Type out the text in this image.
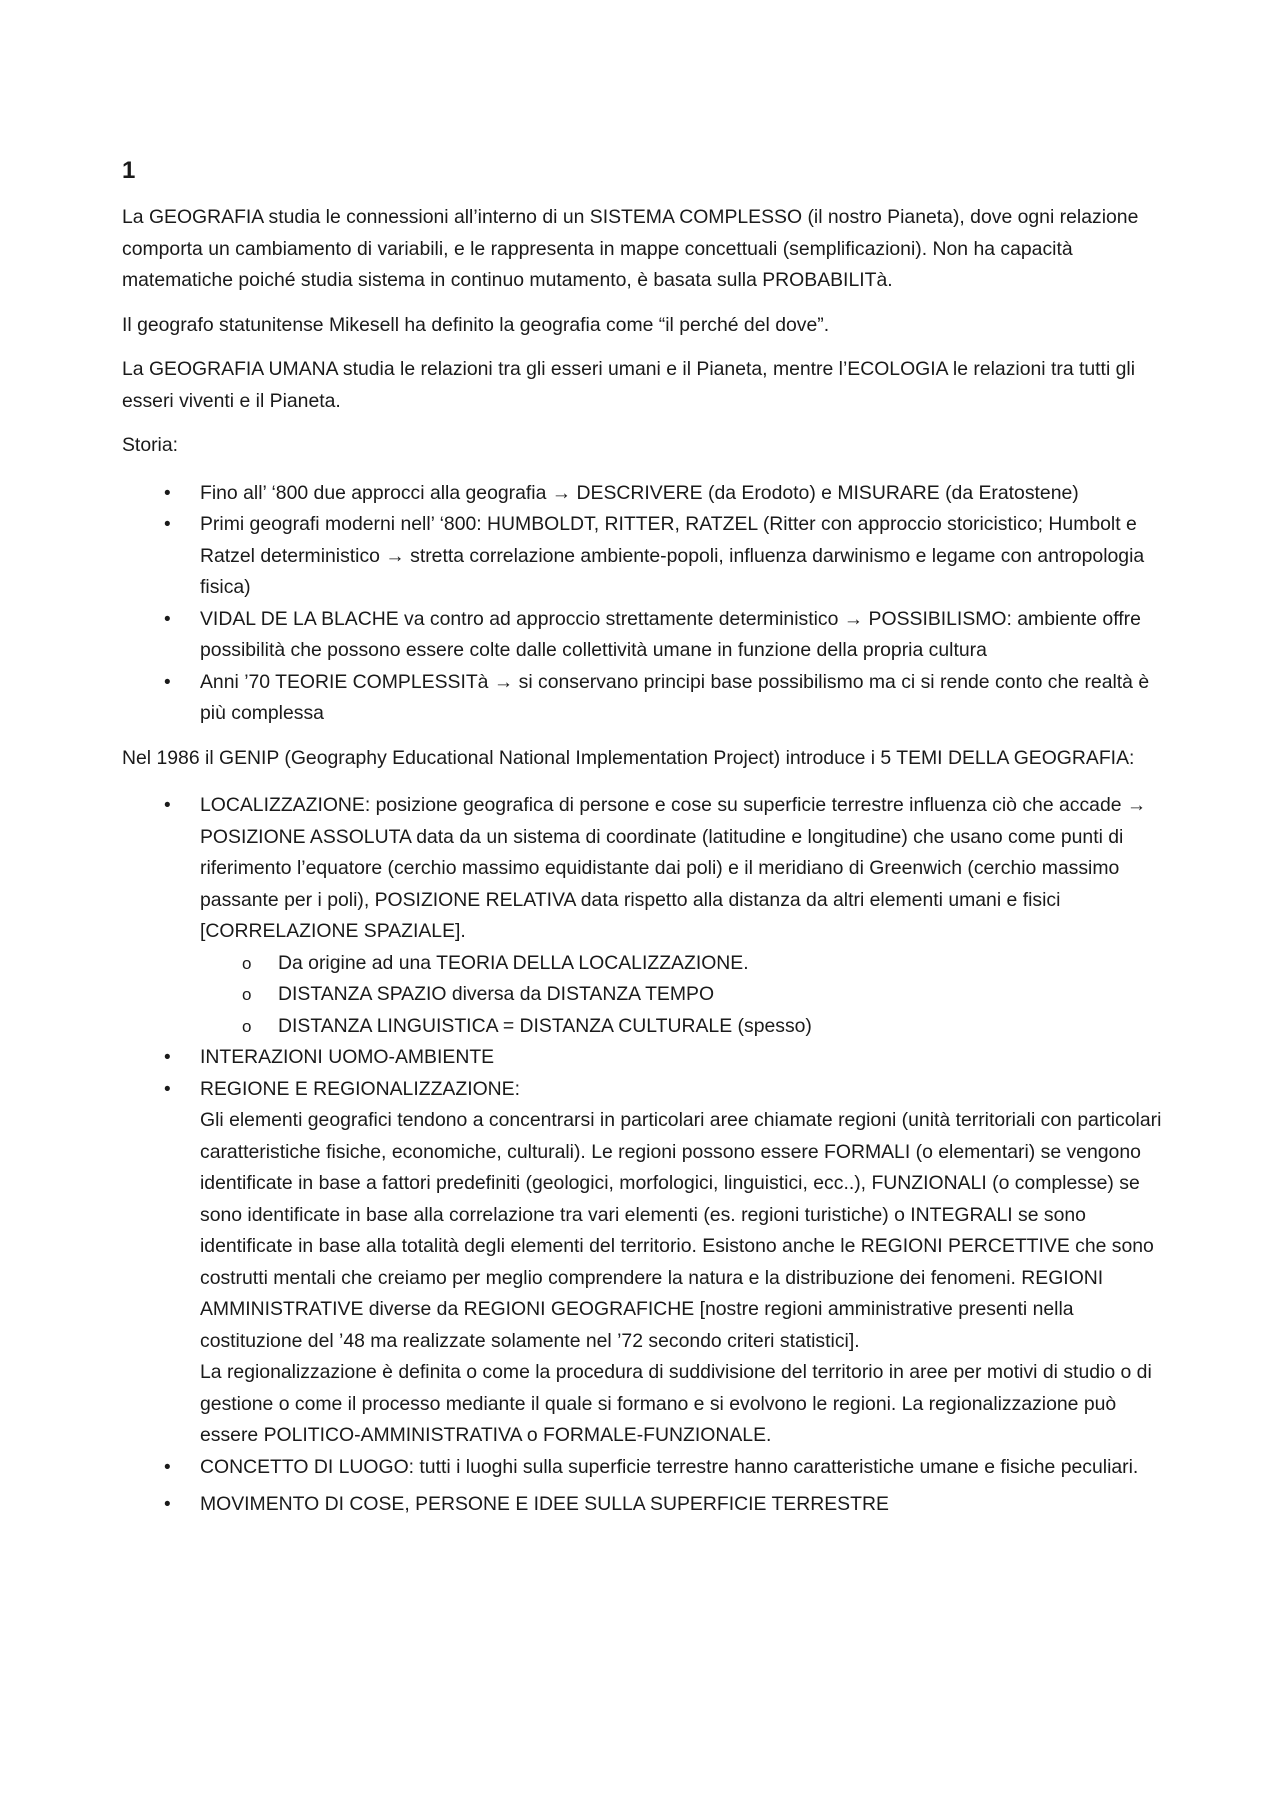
1

La GEOGRAFIA studia le connessioni all’interno di un SISTEMA COMPLESSO (il nostro Pianeta), dove ogni relazione comporta un cambiamento di variabili, e le rappresenta in mappe concettuali (semplificazioni). Non ha capacità matematiche poiché studia sistema in continuo mutamento, è basata sulla PROBABILITà.

Il geografo statunitense Mikesell ha definito la geografia come “il perché del dove”.

La GEOGRAFIA UMANA studia le relazioni tra gli esseri umani e il Pianeta, mentre l’ECOLOGIA le relazioni tra tutti gli esseri viventi e il Pianeta.

Storia:

• Fino all’ ‘800 due approcci alla geografia → DESCRIVERE (da Erodoto) e MISURARE (da Eratostene)
• Primi geografi moderni nell’ ‘800: HUMBOLDT, RITTER, RATZEL (Ritter con approccio storicistico; Humbolt e Ratzel deterministico → stretta correlazione ambiente-popoli, influenza darwinismo e legame con antropologia fisica)
• VIDAL DE LA BLACHE va contro ad approccio strettamente deterministico → POSSIBILISMO: ambiente offre possibilità che possono essere colte dalle collettività umane in funzione della propria cultura
• Anni ’70 TEORIE COMPLESSITà → si conservano principi base possibilismo ma ci si rende conto che realtà è più complessa

Nel 1986 il GENIP (Geography Educational National Implementation Project) introduce i 5 TEMI DELLA GEOGRAFIA:

• LOCALIZZAZIONE: posizione geografica di persone e cose su superficie terrestre influenza ciò che accade → POSIZIONE ASSOLUTA data da un sistema di coordinate (latitudine e longitudine) che usano come punti di riferimento l’equatore (cerchio massimo equidistante dai poli) e il meridiano di Greenwich (cerchio massimo passante per i poli), POSIZIONE RELATIVA data rispetto alla distanza da altri elementi umani e fisici [CORRELAZIONE SPAZIALE].
o Da origine ad una TEORIA DELLA LOCALIZZAZIONE.
o DISTANZA SPAZIO diversa da DISTANZA TEMPO
o DISTANZA LINGUISTICA = DISTANZA CULTURALE (spesso)
• INTERAZIONI UOMO-AMBIENTE
• REGIONE E REGIONALIZZAZIONE:
Gli elementi geografici tendono a concentrarsi in particolari aree chiamate regioni (unità territoriali con particolari caratteristiche fisiche, economiche, culturali). Le regioni possono essere FORMALI (o elementari) se vengono identificate in base a fattori predefiniti (geologici, morfologici, linguistici, ecc..), FUNZIONALI (o complesse) se sono identificate in base alla correlazione tra vari elementi (es. regioni turistiche) o INTEGRALI se sono identificate in base alla totalità degli elementi del territorio. Esistono anche le REGIONI PERCETTIVE che sono costrutti mentali che creiamo per meglio comprendere la natura e la distribuzione dei fenomeni. REGIONI AMMINISTRATIVE diverse da REGIONI GEOGRAFICHE [nostre regioni amministrative presenti nella costituzione del ’48 ma realizzate solamente nel ’72 secondo criteri statistici].
La regionalizzazione è definita o come la procedura di suddivisione del territorio in aree per motivi di studio o di gestione o come il processo mediante il quale si formano e si evolvono le regioni. La regionalizzazione può essere POLITICO-AMMINISTRATIVA o FORMALE-FUNZIONALE.
• CONCETTO DI LUOGO: tutti i luoghi sulla superficie terrestre hanno caratteristiche umane e fisiche peculiari.
• MOVIMENTO DI COSE, PERSONE E IDEE SULLA SUPERFICIE TERRESTRE
